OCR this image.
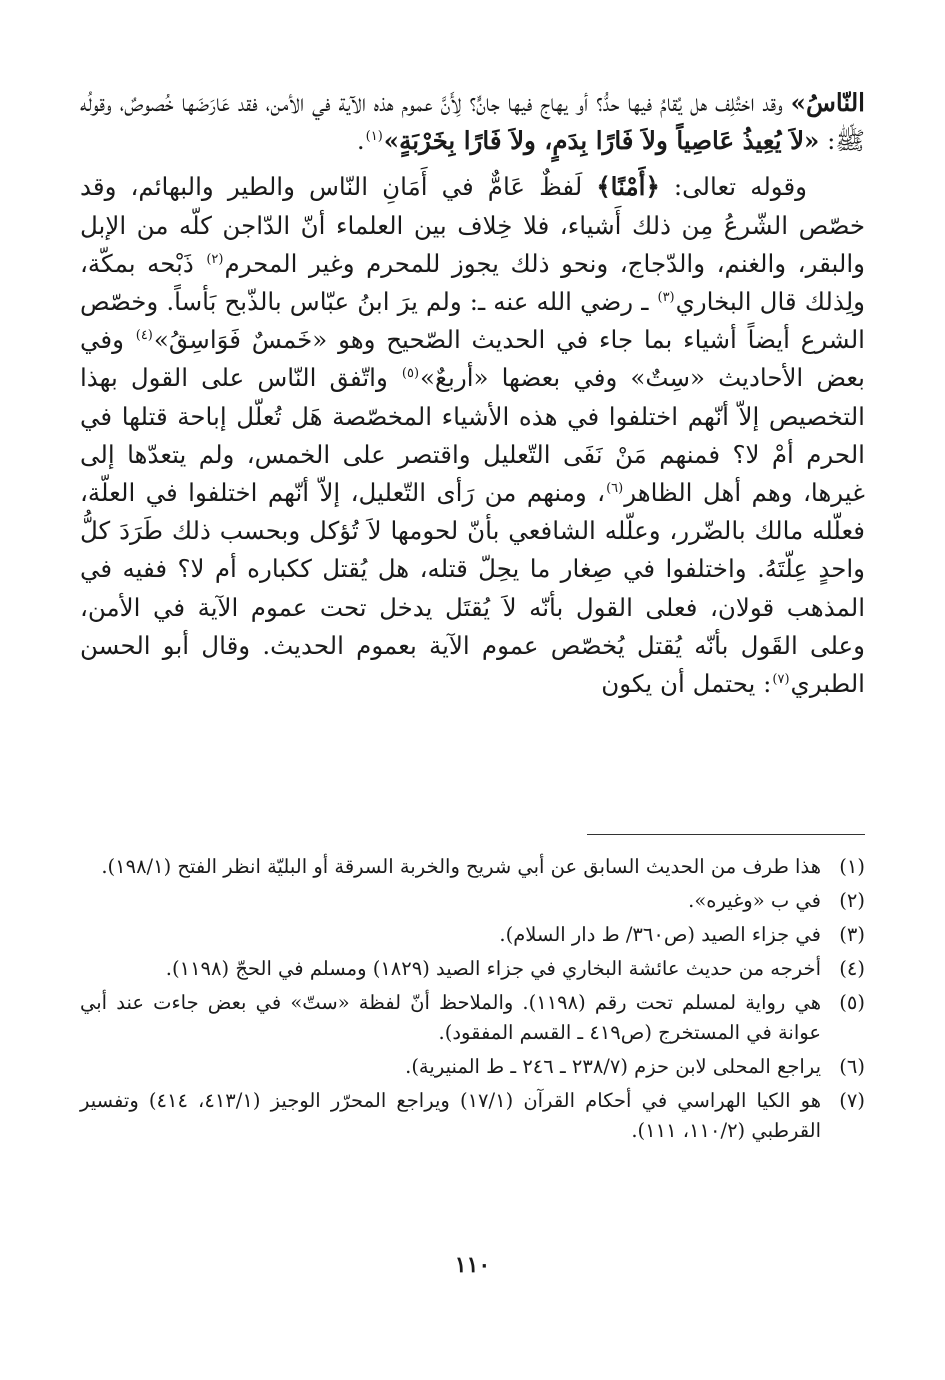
النّاسُ» وقد اختُلِف هل يُقامُ فيها حدُّ؟ أو يهاج فيها جانٍّ؟ لِأَنَّ عموم هذه الآية في الأمن، فقد عَارَضَها خُصوصٌ، وقولُه ﷺ: «لاَ يُعِيذُ عَاصِياً ولاَ فَارًا بِدَمٍ، ولاَ فَارًا بِخَرْبَةٍ»$^{(١)}$.

وقوله تعالى: ﴿أَمْنًا﴾ لَفظٌ عَامٌّ في أَمَانِ النّاس والطير والبهائم، وقد خصّص الشّرعُ مِن ذلك أَشياء، فلا خِلاف بين العلماء أنّ الدّاجن كلّه من الإبل والبقر، والغنم، والدّجاج، ونحو ذلك يجوز للمحرم وغير المحرم$^{(٢)}$ ذَبْحه بمكّة، ولِذلك قال البخاري$^{(٣)}$ ـ رضي الله عنه ـ: ولم يرَ ابنُ عبّاس بالذّبح بَأساً. وخصّص الشرع أيضاً أشياء بما جاء في الحديث الصّحيح وهو «خَمسٌ فَوَاسِقُ»$^{(٤)}$ وفي بعض الأحاديث «سِتٌ» وفي بعضها «أربعٌ»$^{(٥)}$ واتّفق النّاس على القول بهذا التخصيص إلاّ أنّهم اختلفوا في هذه الأشياء المخصّصة هَل تُعلّل إباحة قتلها في الحرم أمْ لا؟ فمنهم مَنْ نَفَى التّعليل واقتصر على الخمس، ولم يتعدّها إلى غيرها، وهم أهل الظاهر$^{(٦)}$، ومنهم من رَأى التّعليل، إلاّ أنّهم اختلفوا في العلّة، فعلّله مالك بالضّرر، وعلّله الشافعي بأنّ لحومها لاَ تُؤكل وبحسب ذلك طَرَدَ كلُّ واحدٍ عِلّتَهُ. واختلفوا في صِغار ما يحِلّ قتله، هل يُقتل ككباره أم لا؟ ففيه في المذهب قولان، فعلى القول بأنّه لاَ يُقتَل يدخل تحت عموم الآية في الأمن، وعلى القَول بأنّه يُقتل يُخصّص عموم الآية بعموم الحديث. وقال أبو الحسن الطبري$^{(٧)}$: يحتمل أن يكون

(١)
هذا طرف من الحديث السابق عن أبي شريح والخربة السرقة أو البليّة انظر الفتح (١٩٨/١).
(٢)
في ب «وغيره».
(٣)
في جزاء الصيد (ص٣٦٠/ ط دار السلام).
(٤)
أخرجه من حديث عائشة البخاري في جزاء الصيد (١٨٢٩) ومسلم في الحجّ (١١٩٨).
(٥)
هي رواية لمسلم تحت رقم (١١٩٨). والملاحظ أنّ لفظة «ستّ» في بعض جاءت عند أبي عوانة في المستخرج (ص٤١٩ ـ القسم المفقود).
(٦)
يراجع المحلى لابن حزم (٢٣٨/٧ ـ ٢٤٦ ـ ط المنيرية).
(٧)
هو الكيا الهراسي في أحكام القرآن (١٧/١) ويراجع المحرّر الوجيز (٤١٣/١، ٤١٤) وتفسير القرطبي (١١٠/٢، ١١١).
١١٠
